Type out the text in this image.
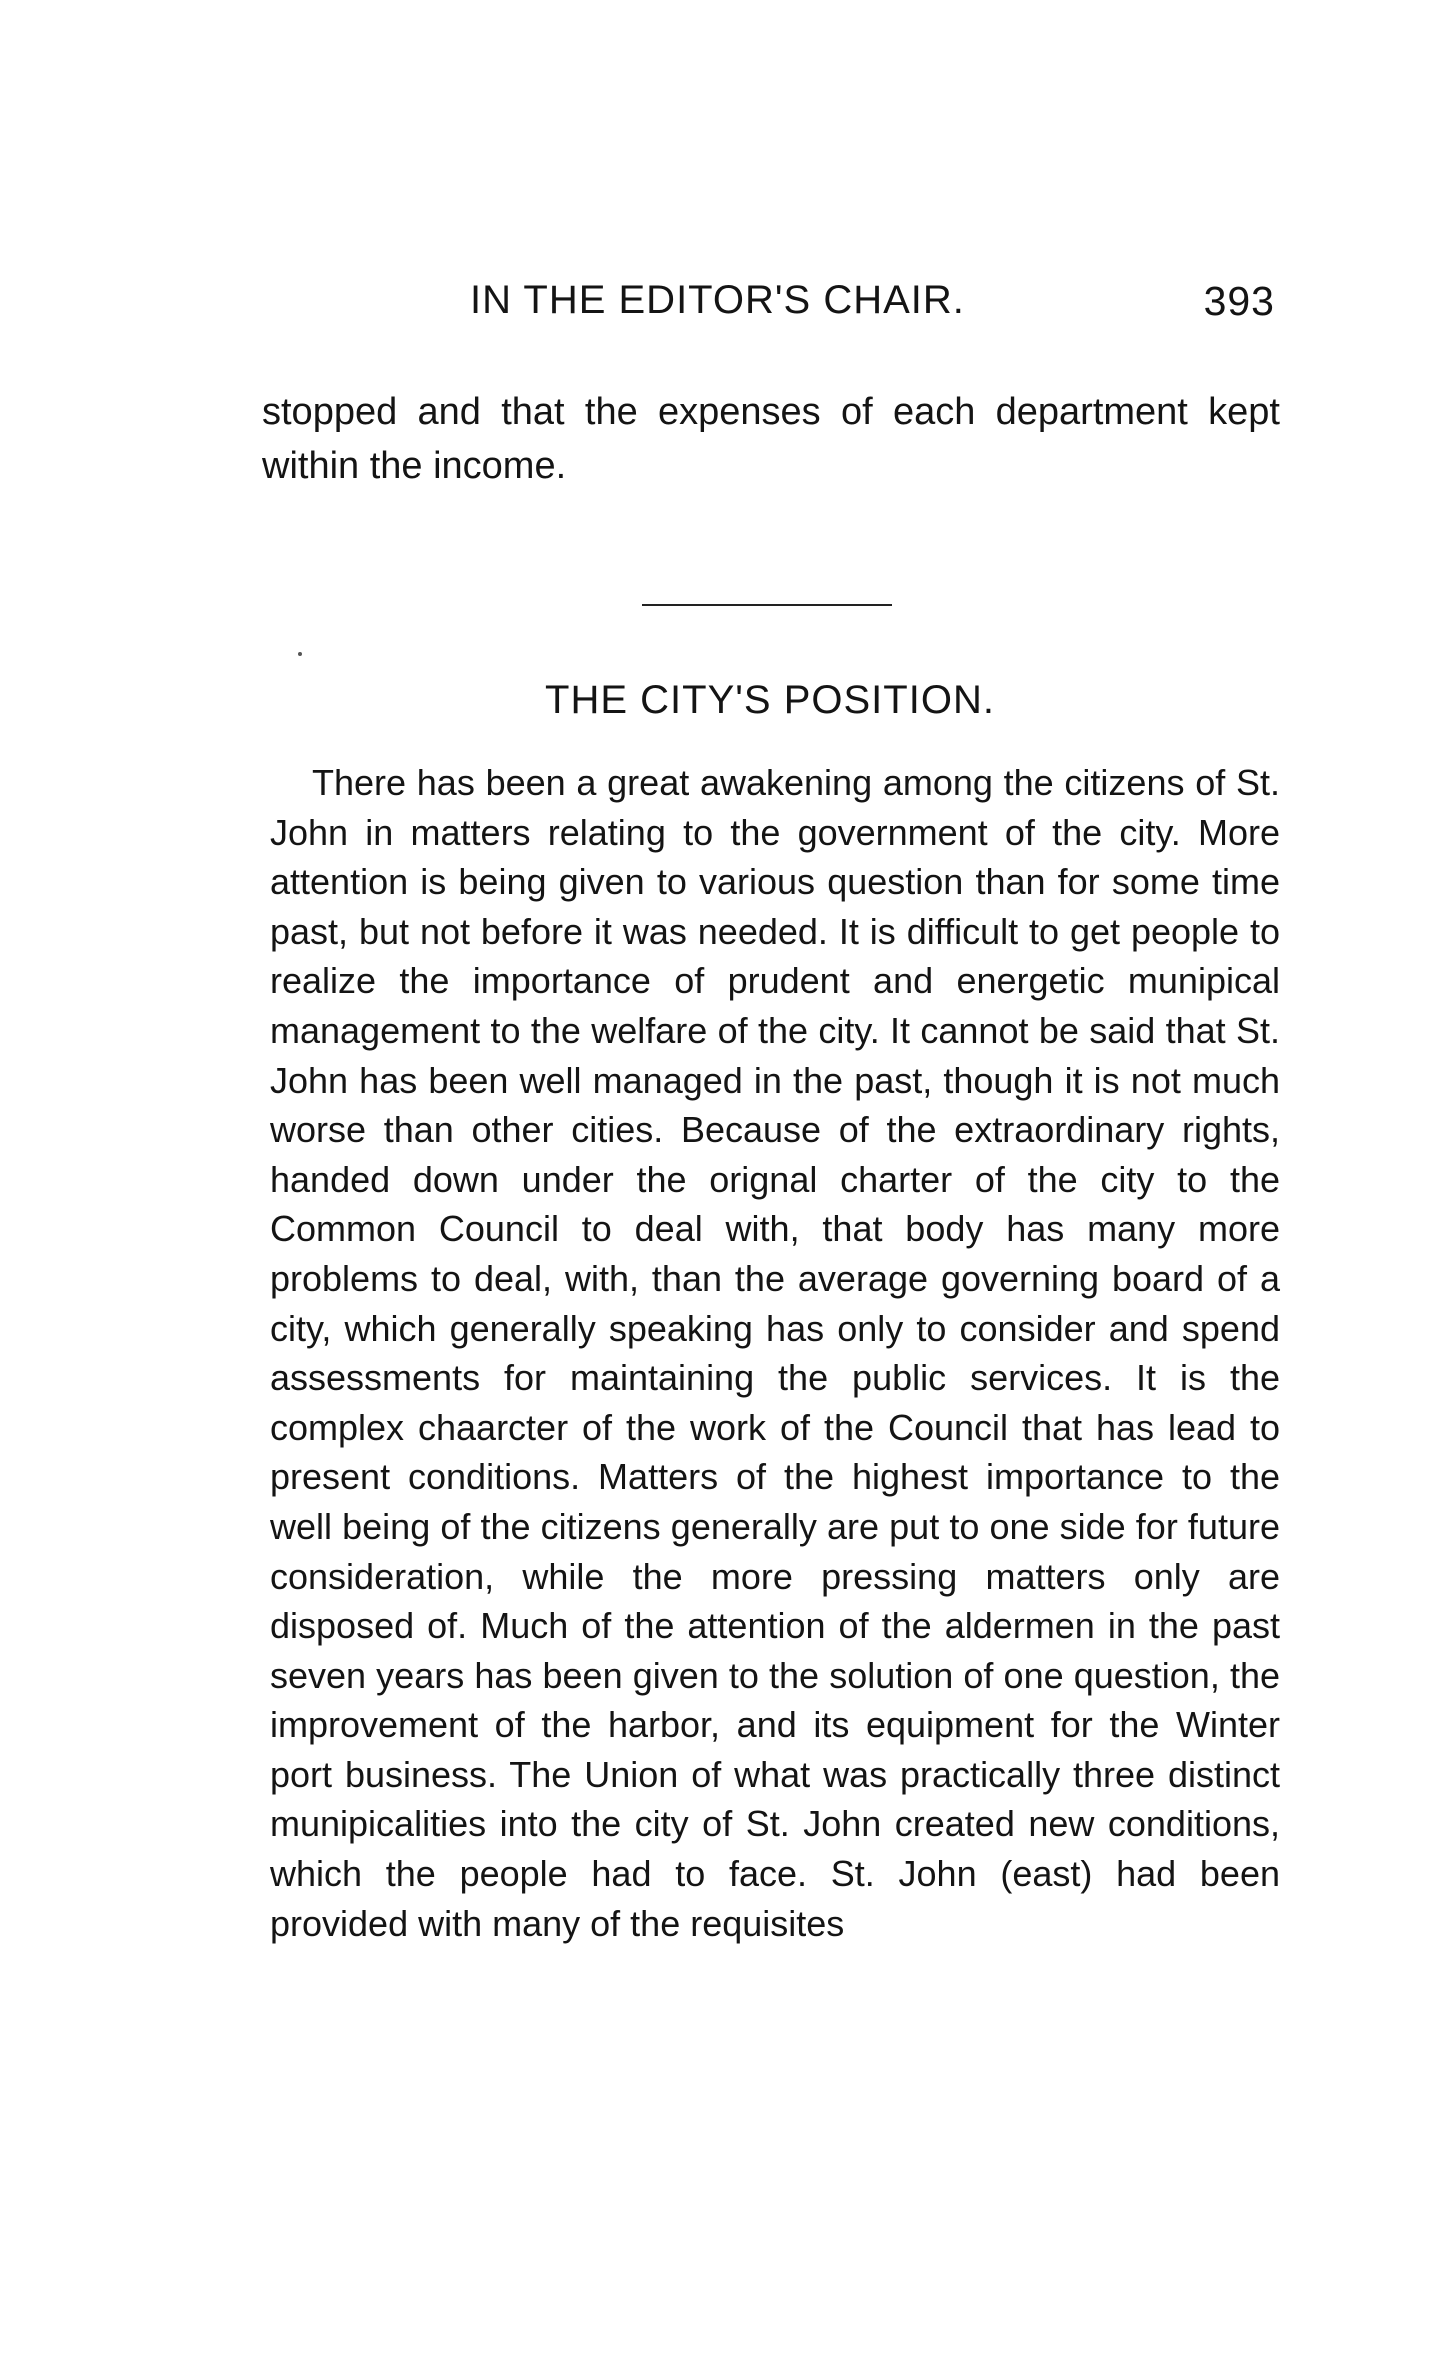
IN THE EDITOR'S CHAIR.	393
stopped and that the expenses of each department kept within the income.
THE CITY'S POSITION.

There has been a great awakening among the citizens of St. John in matters relating to the government of the city. More attention is being given to various question than for some time past, but not before it was needed. It is difficult to get people to realize the importance of prudent and energetic munipical management to the welfare of the city. It cannot be said that St. John has been well managed in the past, though it is not much worse than other cities. Because of the extraordinary rights, handed down under the orignal charter of the city to the Common Council to deal with, that body has many more problems to deal, with, than the average governing board of a city, which generally speaking has only to consider and spend assessments for maintaining the public services. It is the complex chaarcter of the work of the Council that has lead to present conditions. Matters of the highest importance to the well being of the citizens generally are put to one side for future consideration, while the more pressing matters only are disposed of. Much of the attention of the aldermen in the past seven years has been given to the solution of one question, the improvement of the harbor, and its equipment for the Winter port business. The Union of what was practically three distinct munipicalities into the city of St. John created new conditions, which the people had to face. St. John (east) had been provided with many of the requisites
